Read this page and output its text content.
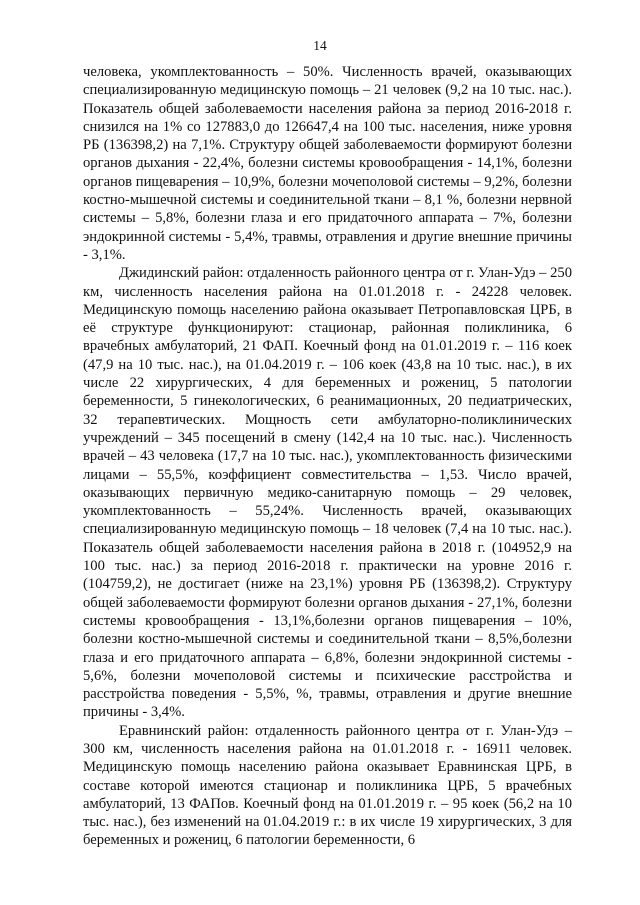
14

человека, укомплектованность – 50%. Численность врачей, оказывающих специализированную медицинскую помощь – 21 человек (9,2 на 10 тыс. нас.). Показатель общей заболеваемости населения района за период 2016-2018 г. снизился на 1% со 127883,0 до 126647,4 на 100 тыс. населения, ниже уровня РБ (136398,2) на 7,1%. Структуру общей заболеваемости формируют болезни органов дыхания - 22,4%, болезни системы кровообращения - 14,1%, болезни органов пищеварения – 10,9%, болезни мочеполовой системы – 9,2%, болезни костно-мышечной системы и соединительной ткани – 8,1 %, болезни нервной системы – 5,8%, болезни глаза и его придаточного аппарата – 7%, болезни эндокринной системы - 5,4%, травмы, отравления и другие внешние причины - 3,1%.

Джидинский район: отдаленность районного центра от г. Улан-Удэ – 250 км, численность населения района на 01.01.2018 г. - 24228 человек. Медицинскую помощь населению района оказывает Петропавловская ЦРБ, в её структуре функционируют: стационар, районная поликлиника, 6 врачебных амбулаторий, 21 ФАП. Коечный фонд на 01.01.2019 г. – 116 коек (47,9 на 10 тыс. нас.), на 01.04.2019 г. – 106 коек (43,8 на 10 тыс. нас.), в их числе 22 хирургических, 4 для беременных и рожениц, 5 патологии беременности, 5 гинекологических, 6 реанимационных, 20 педиатрических, 32 терапевтических. Мощность сети амбулаторно-поликлинических учреждений – 345 посещений в смену (142,4 на 10 тыс. нас.). Численность врачей – 43 человека (17,7 на 10 тыс. нас.), укомплектованность физическими лицами – 55,5%, коэффициент совместительства – 1,53. Число врачей, оказывающих первичную медико-санитарную помощь – 29 человек, укомплектованность – 55,24%. Численность врачей, оказывающих специализированную медицинскую помощь – 18 человек (7,4 на 10 тыс. нас.). Показатель общей заболеваемости населения района в 2018 г. (104952,9 на 100 тыс. нас.) за период 2016-2018 г. практически на уровне 2016 г. (104759,2), не достигает (ниже на 23,1%) уровня РБ (136398,2). Структуру общей заболеваемости формируют болезни органов дыхания - 27,1%, болезни системы кровообращения - 13,1%,болезни органов пищеварения – 10%, болезни костно-мышечной системы и соединительной ткани – 8,5%,болезни глаза и его придаточного аппарата – 6,8%, болезни эндокринной системы - 5,6%, болезни мочеполовой системы и психические расстройства и расстройства поведения - 5,5%, %, травмы, отравления и другие внешние причины - 3,4%.

Еравнинский район: отдаленность районного центра от г. Улан-Удэ – 300 км, численность населения района на 01.01.2018 г. - 16911 человек. Медицинскую помощь населению района оказывает Еравнинская ЦРБ, в составе которой имеются стационар и поликлиника ЦРБ, 5 врачебных амбулаторий, 13 ФАПов. Коечный фонд на 01.01.2019 г. – 95 коек (56,2 на 10 тыс. нас.), без изменений на 01.04.2019 г.: в их числе 19 хирургических, 3 для беременных и рожениц, 6 патологии беременности, 6
